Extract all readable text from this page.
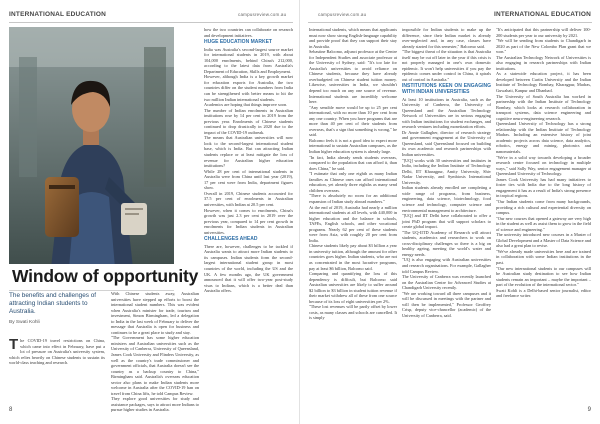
INTERNATIONAL EDUCATION	campusreview.com.au
Window of opportunity
The benefits and challenges of attracting Indian students to Australia.
By Swati Kohli
T he COVID-19 travel restrictions on China, which came into effect in February, have put a lot of pressure on Australia's university system, which relies heavily on Chinese students to sustain its world-class teaching and research.

With Chinese students away, Australian universities have stepped up efforts to boost the international student numbers. This was evident when Australia's minister for trade, tourism and investment, Simon Birmingham, led a delegation to India in the last week of February to deliver the message that Australia is open for business and continues to be a great place to study and stay.

"The Government has some higher education ministers and Australian universities such as the University of Canberra, University of Queensland, James Cook University and Flinders University, as well as the country's trade commissioner and government officials, that Australia doesn't see the country as a backup country to China," Birmingham said. Australia's overseas education sector also plans to make Indian students more welcome in Australia after the COVID-19 ban on travel from China lifts, he told Campus Review.

They explore good universities for study and assistance packages, says to attract more Indians to pursue higher studies in Australia.

how the two countries can collaborate on research and development initiatives.

HUGE EDUCATION MARKET

India was Australia's second-largest source market for international students in 2019, with about 104,000 enrolments, behind China's 212,000, according to the latest data from Australia's Department of Education, Skills and Employment.

However, although India is a key growth market for education exports for Australia, the two countries differ on the student numbers from India can be strengthened with better means to hit the two million Indian international students.

Academics are hoping that things improve soon.

The number of Indian enrolments in Australian institutions rose by 14 per cent in 2019 from the previous year. Enrolments of Chinese students continued to drop drastically in 2020 due to the impact of the COVID-19 outbreak.

The means that Australian universities will now look to the second-largest international student base, which is India. But can attracting Indian students replace or at least mitigate the loss of revenue for Australian higher education institutions?

While 28 per cent of international students in Australia were from China until last year (2019), 17 per cent were from India, department figures show.

Overall in 2019, Chinese students accounted for 37.5 per cent of enrolments in Australian universities, with Indian at 20.5 per cent.

However, when it comes to enrolments, China's growth was just 2.3 per cent in 2019 over the previous year, compared to 14 per cent growth in enrolments for Indian students in Australian universities.

CHALLENGES AHEAD

There are, however, challenges to be tackled if Australia wants to attract more Indian students to its campuses. Indian students form the second-largest international student group in most countries of the world, including the US and the UK. A few months ago, the UK government announced that it will offer two-year post-study visas to Indians, which is a better deal than Australia offers.

8
campusreview.com.au	INTERNATIONAL EDUCATION

International students, which means that applicants must now show strong English-language capability and provide proof that they can support their stay in Australia.

Sebastine Balcomo, adjunct professor at the Centre for Independent Studies and associate professor at the University of Sydney, said: "It's too late for Australia's universities to avoid reliance on Chinese students, because they have already overbudgeted on Chinese student tuition money. Likewise, universities in India, we shouldn't depend too much on any one source of revenue. International students are incredibly welcome here.

"Any sensible move would be up to 25 per cent international, with no more than 10 per cent from any one country. When you have programs that are more than 40 per cent of their students from overseas, that's a sign that something is wrong," he said.

Balcomo feels it is not a good idea to expect more international to sustain Australian campuses, as the Indian higher education system is already large.

"In fact, India already sends students overseas, compared to the population that can afford it, than does China," he said.

"I estimate that only one eighth as many Indian families as Chinese ones can afford international education, yet already three eighths as many send children overseas.

"There is absolutely no room for an additional expansion of Indian study abroad numbers."

At the end of 2019, Australia had nearly a million international students at all levels, with 440,000 in higher education and the balance in schools, TAFEs, English schools, and other vocational programs. Nearly 62 per cent of these students were from Asia, with roughly 20 per cent from India.

Chinese students likely pay about $3 billion a year in university tuition, although the amount for other countries goes higher. Indian students, who are not as concentrated in the most lucrative programs, pay at least $6 billion, Balcomo said.

Comparing and quantifying the loss of this dependency is difficult, but Balcomo said Australian universities are likely to suffer around $2 billion to $3 billion in student tuition revenue if their market withdrew all of these from one source because of its loss of eight universities per 2%.

"These lost revenues will be partly offset by lower costs, as many classes and schools are cancelled. It is simply

impossible for Indian students to make up the difference, since their Indian market is already over-neglected and, in any case, classes have already started for this semester," Balcomo said.

"The biggest threat of the situation is that Australia itself may be cut off later in the year if this crisis is not properly managed in one's own domestic epidemic. It won't help universities if you pay the epidemic comes under control in China, it spirals out of control in Australia."

INSTITUTIONS KEEN ON ENGAGING WITH INDIAN UNIVERSITIES

At least 10 institutions in Australia, such as the University of Canberra, the University of Queensland and the Australian Technology Network of Universities are in serious engaging with Indian institutions for student exchanges, and research ventures including monetization efforts.

Dr Annie Gallagher, director of research strategy and government engagement at the University of Queensland, said Queensland focused on building its own academic and research partnerships with Indian universities.

"[UQ] works with 30 universities and institutes in India, including the Indian Institute of Technology Delhi, IIT Kharagpur, Amity University, Shiv Nadar University, and Symbiosis International University.

Indian students already enrolled are completing a wide range of programs, from business, engineering, data science, biotechnology, food science and technology, computer science and environmental management to architecture.

"[UQ] and IIT Delhi have collaborated to offer a joint PhD program that will support scholars to create global impact.

"The UQ-IITD Academy of Research will attract students, academics and researchers to work on cross-disciplinary challenges so there is a big on healthy ageing, meeting the world's water and energy needs.

"UQ is also engaging with Australian universities and research organisations. For example, Gallagher told Campus Review.

The University of Canberra was recently launched on the Australian Centre for Advanced Studies at Chandigarh University recently.

"We are working toward all three campuses and it will be discussed in meetings with the partner and will then be implemented," Professor Geoffrey Crisp, deputy vice-chancellor (academic) of the University of Canberra, said.

"It's anticipated that this partnership will deliver 100-200 students per year to our university by 2021.

"We will be sending from students to Chandigarh in 2020 as part of the New Colombo Plan grant that we won."

The Australian Technology Network of Universities is also engaging in research partnerships with Indian institutions.

As a statewide education project, it has been developed between Curtin University and the Indian Institute of Technology Bombay, Kharagpur, Madras, Guwahati, Kanpur and Dhanbad.

The University of South Australia has worked in partnership with the Indian Institute of Technology Bombay, which looks at research collaboration in transport systems, data science engineering and cognitive neuro-engineering research.

Queensland University of Technology has a strong relationship with the Indian Institute of Technology Madras. Including an extensive history of joint academic projects across data science, data analytics, robotics, energy and mining, photonics and nanomaterials.

"We're in a solid way towards developing a broader research centre focused on technology in multiple ways," said Sally Way, senior engagement manager at Queensland University of Technology.

James Cook University has had many initiatives to foster ties with India due to the long history of engagement it has as a result of India's strong presence in tropical regions.

"Our Indian students come from many backgrounds, providing a rich cultural and experiential diversity on campus.

"Our new courses that opened a gateway are very high in the student as well as assist them to grow in the field of science and engineering."

The university introduced new courses in a Master of Global Development and a Master of Data Science and also had a great plan to revise.

"We've already made universities here and are trained in collaboration with some Indian institutions in the past.

"Our new international students to our campuses will be Australian study destination to see how Indian students remain an important – maybe the important – part of the evolution of the international sector."

Swati Kohli is a Delhi-based senior journalist, editor and freelance writer.

9
